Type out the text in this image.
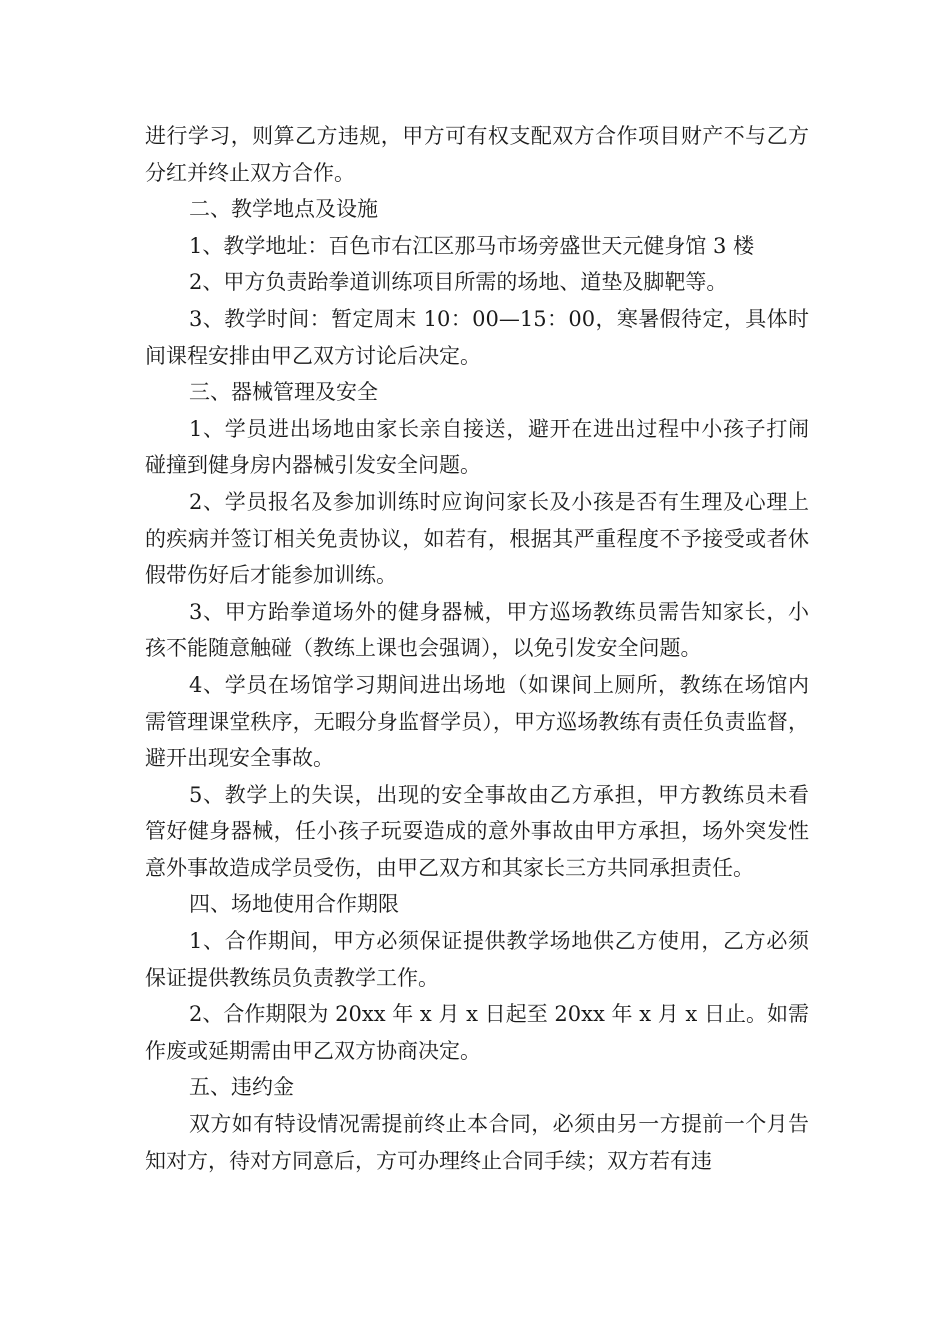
进行学习，则算乙方违规，甲方可有权支配双方合作项目财产不与乙方分红并终止双方合作。

二、教学地点及设施

1、教学地址：百色市右江区那马市场旁盛世天元健身馆 3 楼

2、甲方负责跆拳道训练项目所需的场地、道垫及脚靶等。

3、教学时间：暂定周末 10：00—15：00，寒暑假待定，具体时间课程安排由甲乙双方讨论后决定。

三、器械管理及安全

1、学员进出场地由家长亲自接送，避开在进出过程中小孩子打闹碰撞到健身房内器械引发安全问题。

2、学员报名及参加训练时应询问家长及小孩是否有生理及心理上的疾病并签订相关免责协议，如若有，根据其严重程度不予接受或者休假带伤好后才能参加训练。

3、甲方跆拳道场外的健身器械，甲方巡场教练员需告知家长，小孩不能随意触碰（教练上课也会强调），以免引发安全问题。

4、学员在场馆学习期间进出场地（如课间上厕所，教练在场馆内需管理课堂秩序，无暇分身监督学员），甲方巡场教练有责任负责监督，避开出现安全事故。

5、教学上的失误，出现的安全事故由乙方承担，甲方教练员未看管好健身器械，任小孩子玩耍造成的意外事故由甲方承担，场外突发性意外事故造成学员受伤，由甲乙双方和其家长三方共同承担责任。

四、场地使用合作期限

1、合作期间，甲方必须保证提供教学场地供乙方使用，乙方必须保证提供教练员负责教学工作。

2、合作期限为 20xx 年 x 月 x 日起至 20xx 年 x 月 x 日止。如需作废或延期需由甲乙双方协商决定。

五、违约金

双方如有特设情况需提前终止本合同，必须由另一方提前一个月告知对方，待对方同意后，方可办理终止合同手续；双方若有违
